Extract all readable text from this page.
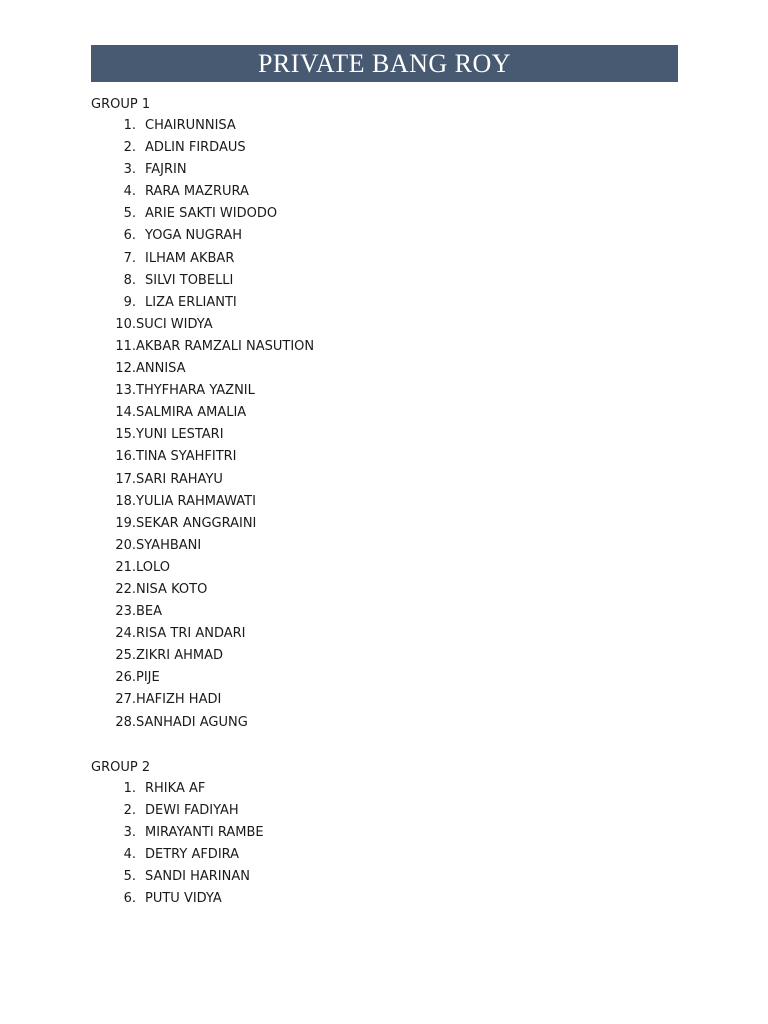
PRIVATE BANG ROY
GROUP 1
1. CHAIRUNNISA
2. ADLIN FIRDAUS
3. FAJRIN
4. RARA MAZRURA
5. ARIE SAKTI WIDODO
6. YOGA NUGRAH
7. ILHAM AKBAR
8. SILVI TOBELLI
9. LIZA ERLIANTI
10. SUCI WIDYA
11. AKBAR RAMZALI NASUTION
12. ANNISA
13. THYFHARA YAZNIL
14. SALMIRA AMALIA
15. YUNI LESTARI
16. TINA SYAHFITRI
17. SARI RAHAYU
18. YULIA RAHMAWATI
19. SEKAR ANGGRAINI
20. SYAHBANI
21. LOLO
22. NISA KOTO
23. BEA
24. RISA TRI ANDARI
25. ZIKRI AHMAD
26. PIJE
27. HAFIZH HADI
28. SANHADI AGUNG
GROUP 2
1. RHIKA AF
2. DEWI FADIYAH
3. MIRAYANTI RAMBE
4. DETRY AFDIRA
5. SANDI HARINAN
6. PUTU VIDYA
